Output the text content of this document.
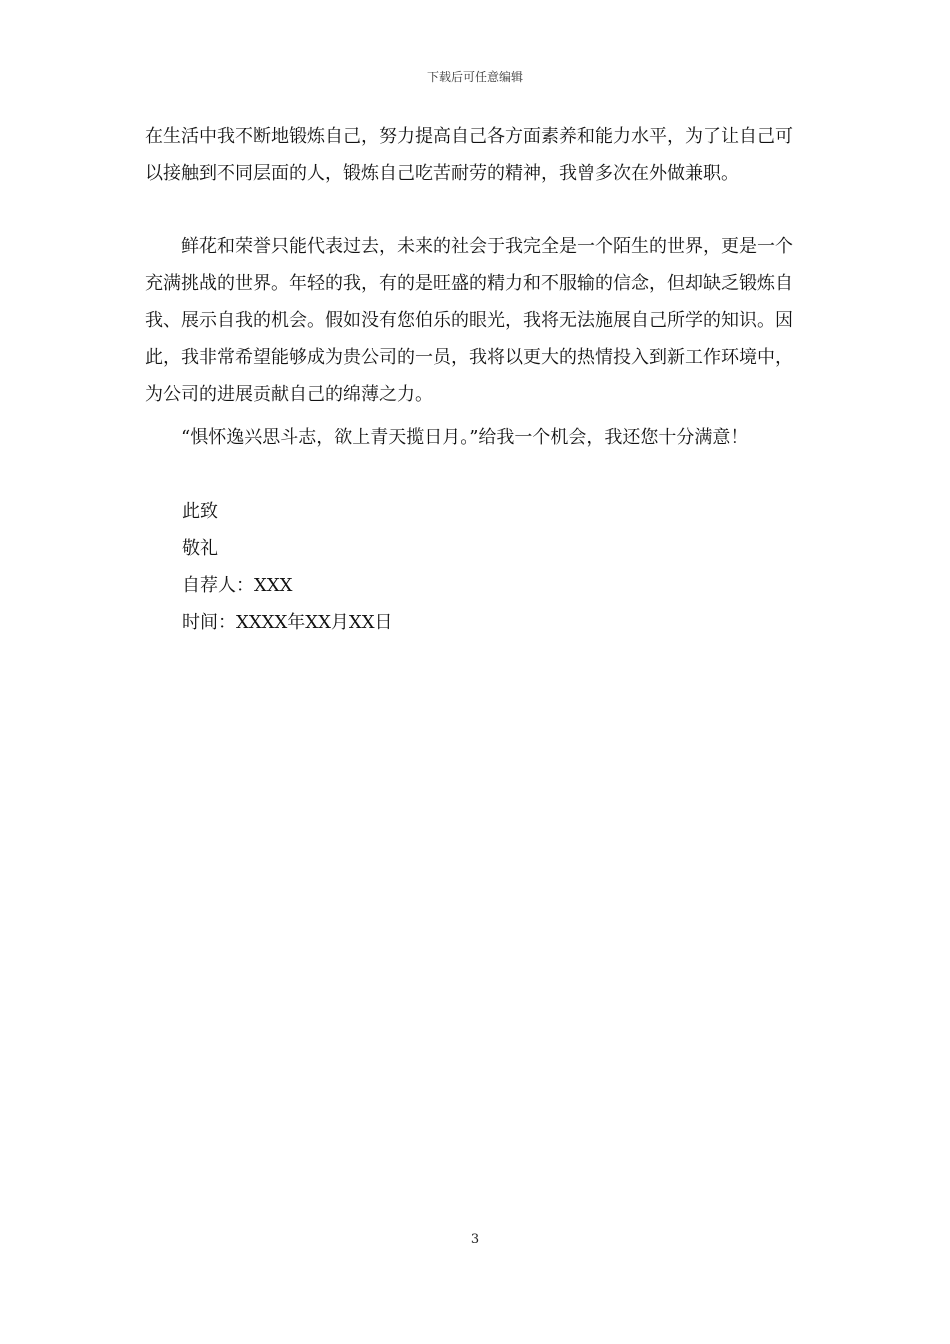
下载后可任意编辑

在生活中我不断地锻炼自己，努力提高自己各方面素养和能力水平，为了让自己可以接触到不同层面的人，锻炼自己吃苦耐劳的精神，我曾多次在外做兼职。

鲜花和荣誉只能代表过去，未来的社会于我完全是一个陌生的世界，更是一个充满挑战的世界。年轻的我，有的是旺盛的精力和不服输的信念，但却缺乏锻炼自我、展示自我的机会。假如没有您伯乐的眼光，我将无法施展自己所学的知识。因此，我非常希望能够成为贵公司的一员，我将以更大的热情投入到新工作环境中，为公司的进展贡献自己的绵薄之力。

“惧怀逸兴思斗志，欲上青天揽日月。”给我一个机会，我还您十分满意！

此致
敬礼
自荐人：XXX
时间：XXXX年XX月XX日
3
